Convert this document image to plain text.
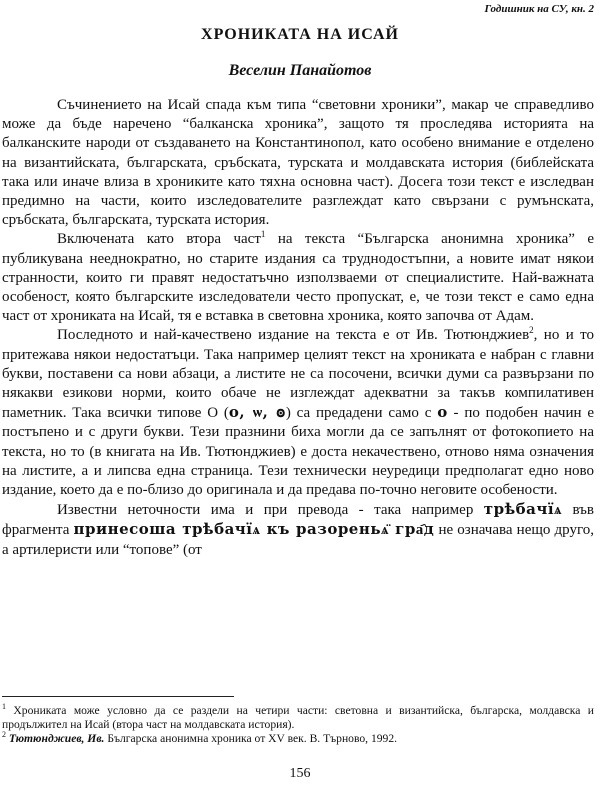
Годишник на СУ, кн. 2
ХРОНИКАТА НА ИСАЙ
Веселин Панайотов

Съчинението на Исай спада към типа “световни хроники”, макар че справедливо може да бъде наречено “балканска хроника”, защото тя проследява историята на балканските народи от създаването на Константинопол, като особено внимание е отделено на византийската, българската, сръбската, турската и молдавската история (библейската така или иначе влиза в хрониките като тяхна основна част). Досега този текст е изследван предимно на части, които изследователите разглеждат като свързани с румънската, сръбската, българската, турската история.

Включената като втора част$^1$ на текста “Българска анонимна хроника” е публикувана нееднократно, но старите издания са труднодостъпни, а новите имат някои странности, които ги правят недостатъчно използваеми от специалистите. Най-важната особеност, която българските изследователи често пропускат, е, че този текст е само една част от хрониката на Исай, тя е вставка в световна хроника, която започва от Адам.

Последното и най-качествено издание на текста е от Ив. Тютюнджиев$^2$, но и то притежава някои недостатъци. Така например целият текст на хрониката е набран с главни букви, поставени са нови абзаци, а листите не са посочени, всички думи са развързани по някакви езикови норми, които обаче не изглеждат адекватни за такъв компилативен паметник. Така всички типове О (о, ѡ, ꙩ) са предадени само с о - по подобен начин е постъпено и с други букви. Тези празнини биха могли да се запълнят от фотокопието на текста, но то (в книгата на Ив. Тютюнджиев) е доста некачествено, отново няма означения на листите, а и липсва една страница. Тези технически неуредици предполагат едно ново издание, което да е по-близо до оригинала и да предава по-точно неговите особености.

Известни неточности има и при превода - така например трѣбачїѧ във фрагмента принесоша трѣбачїѧ къ разореньѧ̈ гра҄д не означава нещо друго, а артилеристи или “топове” (от

$^1$ Хрониката може условно да се раздели на четири части: световна и византийска, българска, молдавска и продължител на Исай (втора част на молдавската история).

$^2$ Тютюнджиев, Ив. Българска анонимна хроника от XV век. В. Търново, 1992.

156
